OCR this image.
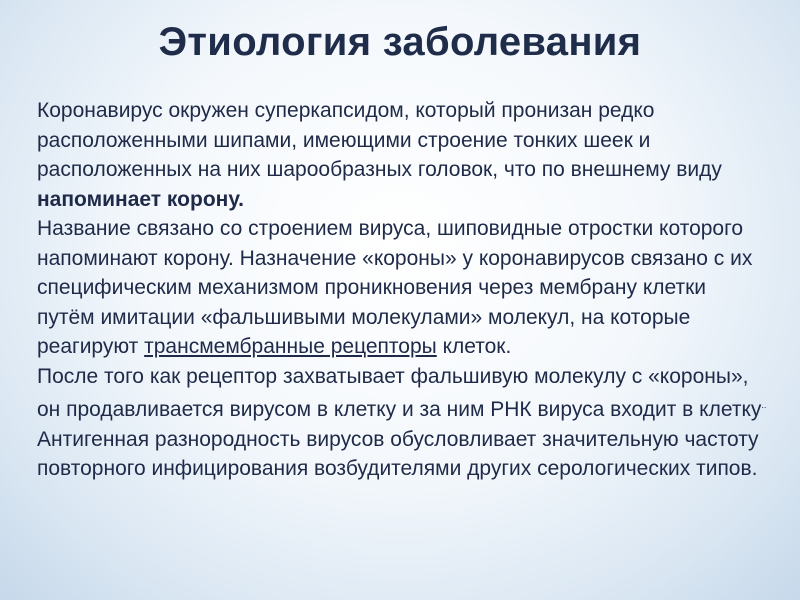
Этиология заболевания

Коронавирус окружен суперкапсидом, который пронизан редко расположенными шипами, имеющими строение тонких шеек и расположенных на них шарообразных головок, что по внешнему виду напоминает корону.

Название связано со строением вируса, шиповидные отростки которого напоминают корону. Назначение «короны» у коронавирусов связано с их специфическим механизмом проникновения через мембрану клетки путём имитации «фальшивыми молекулами» молекул, на которые реагируют трансмембранные рецепторы клеток.

После того как рецептор захватывает фальшивую молекулу с «короны», он продавливается вирусом в клетку и за ним РНК вируса входит в клетку.. Антигенная разнородность вирусов обусловливает значительную частоту повторного инфицирования возбудителями других серологических типов.
